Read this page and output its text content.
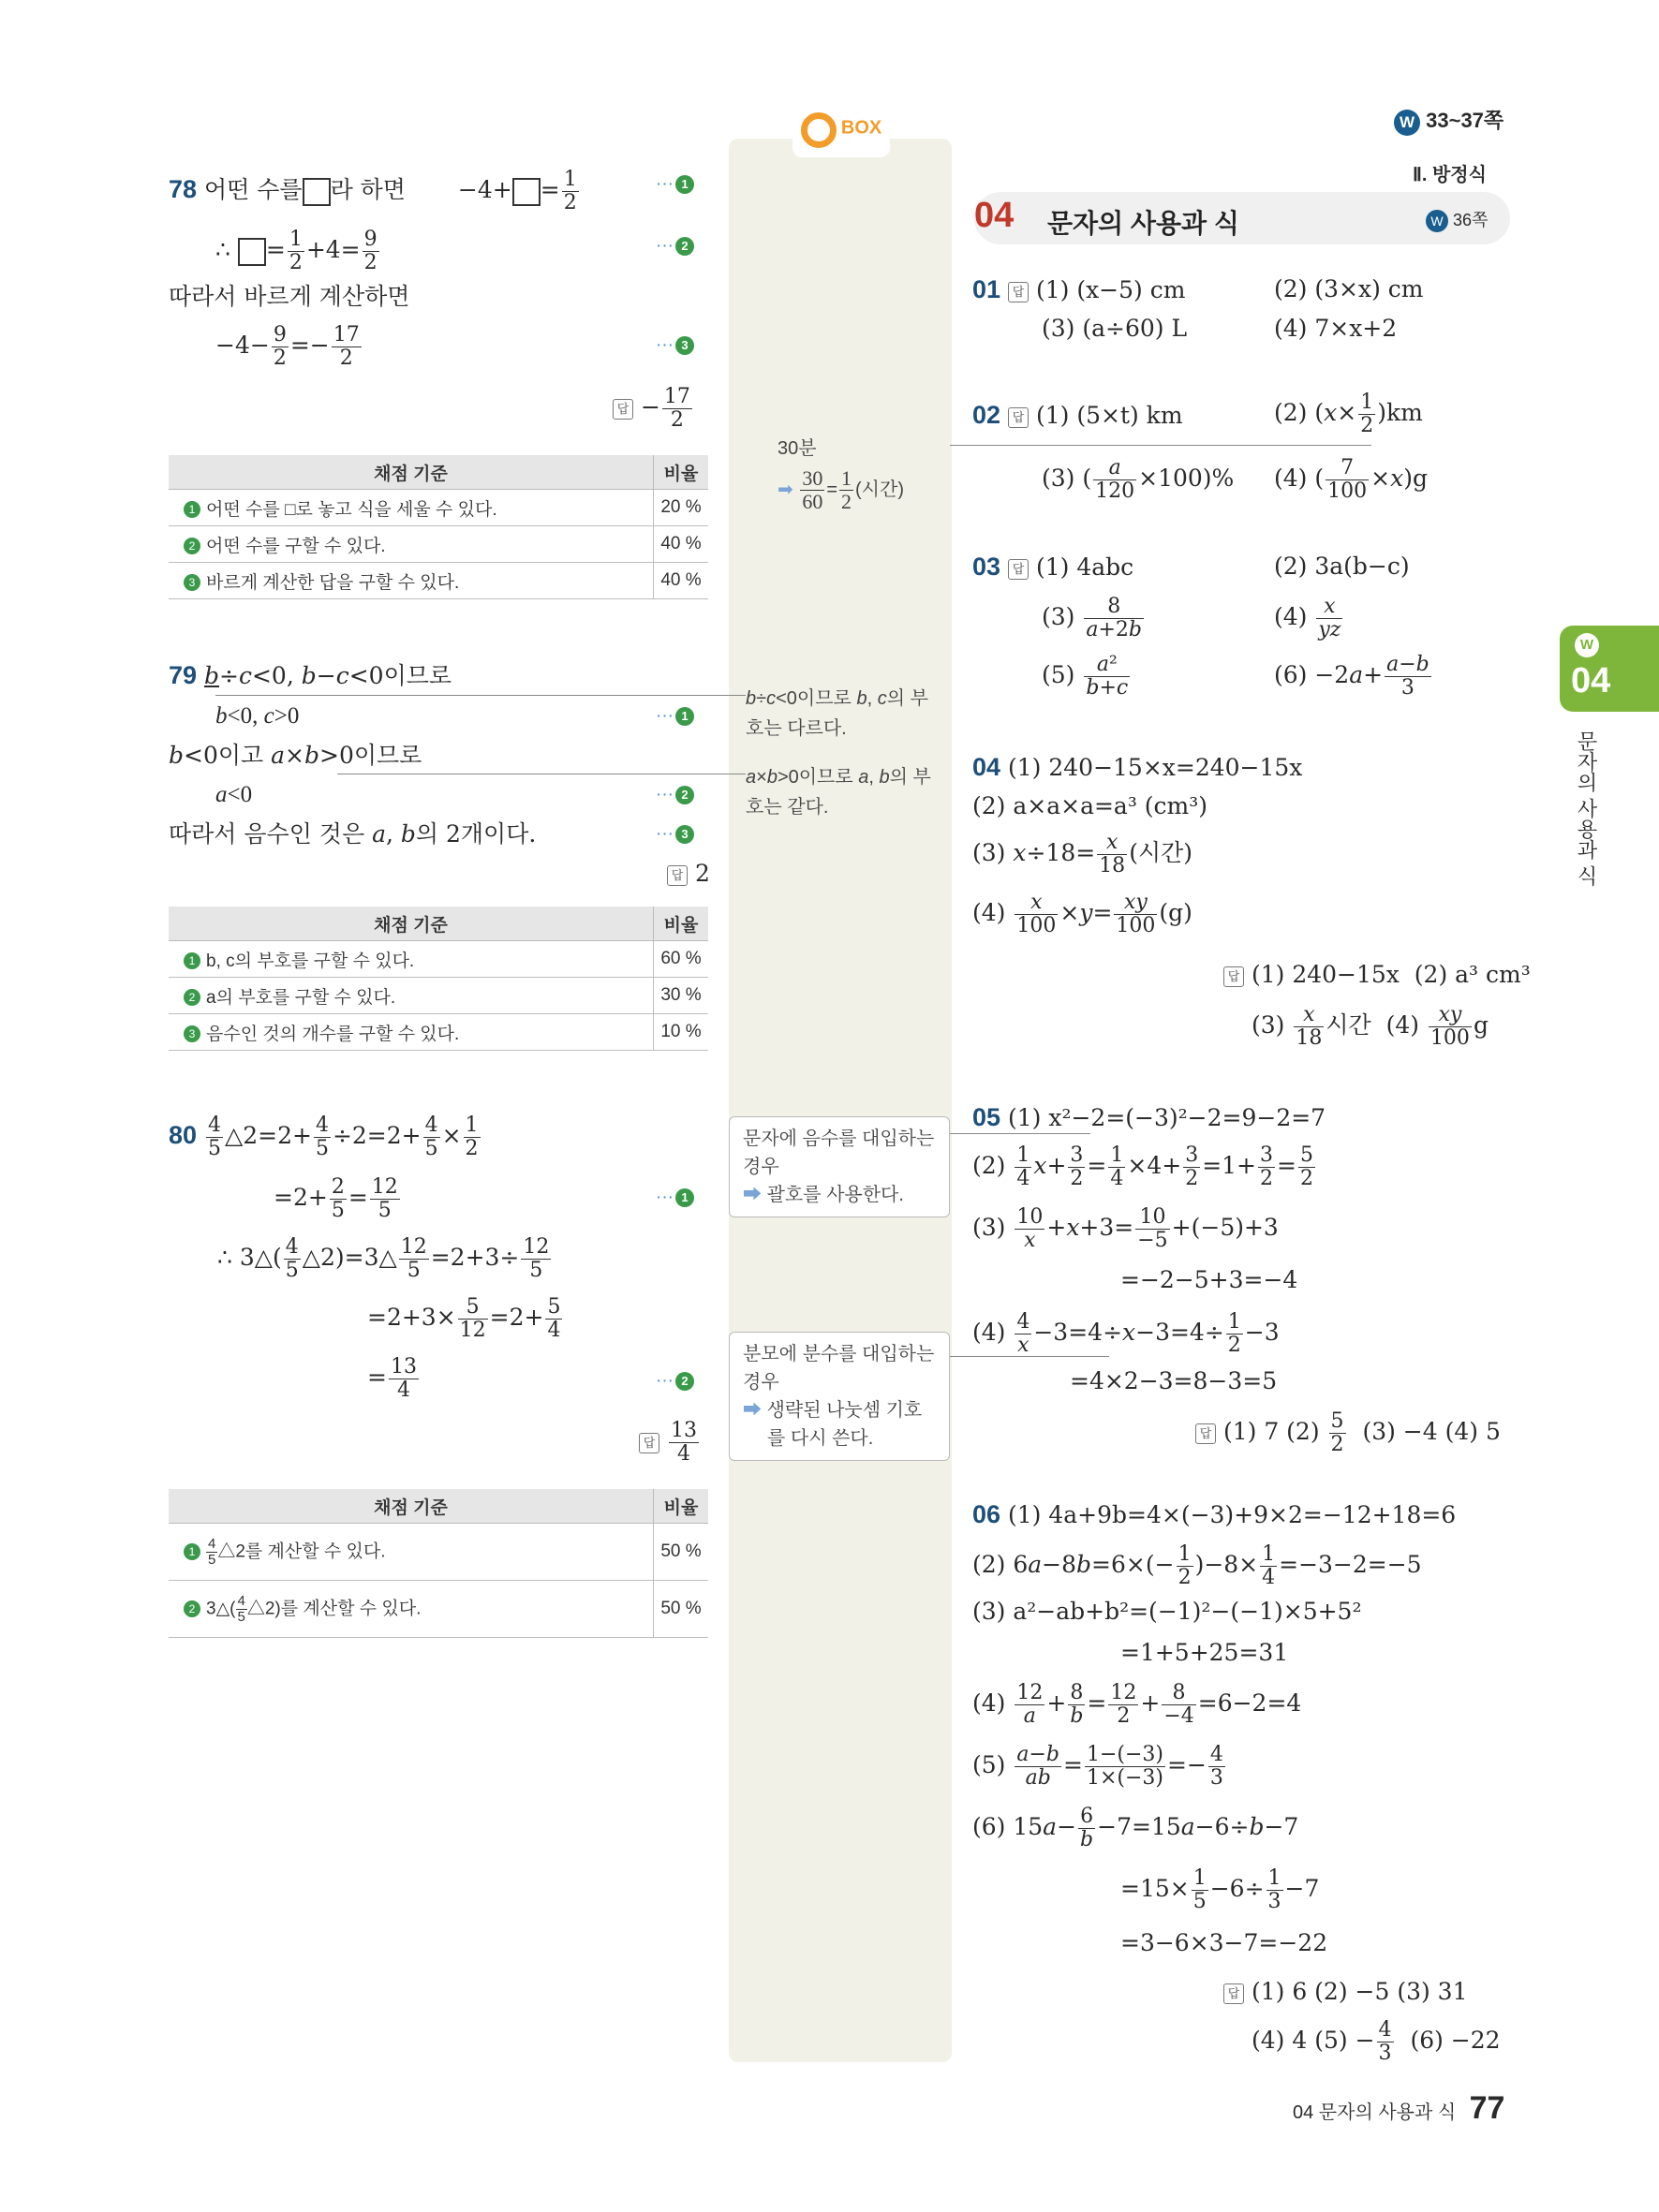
BOX	W 33~37쪽
Ⅱ. 방정식
04 문자의 사용과 식	W 36쪽
W
04
문자의 사용과 식
78 어떤 수를 라 하면 $-4+ = \frac{1}{2}$	··· 1
∴ = $\frac{1}{2} +4= \frac{9}{2}$	··· 2
따라서 바르게 계산하면
$-4- \frac{9}{2} =- \frac{17}{2}$	··· 3
답 − $\frac{17}{2}$
채점 기준	비율
1 어떤 수를 □로 놓고 식을 세울 수 있다.	20 %
2 어떤 수를 구할 수 있다.	40 %
3 바르게 계산한 답을 구할 수 있다.	40 %
79 b÷c<0, b−c<0이므로
b<0, c>0	··· 1
b<0이고 a×b>0이므로
a<0	··· 2
따라서 음수인 것은 a, b의 2개이다.	··· 3
답 2
채점 기준	비율
1 b, c의 부호를 구할 수 있다.	60 %
2 a의 부호를 구할 수 있다.	30 %
3 음수인 것의 개수를 구할 수 있다.	10 %
$80 \frac{4}{5}$ △2=2+ $\frac{4}{5} \div 2=2+ \frac{4}{5} \times \frac{1}{2}$
$=2+ \frac{2}{5} = \frac{12}{5}$	··· 1
∴ 3△( $\frac{4}{5}$ △2)=3△ $\frac{12}{5} =2+3\div \frac{12}{5}$
$=2+3\times \frac{5}{12} =2+ \frac{5}{4}$
= $\frac{13}{4}$	··· 2
답 $\frac{13}{4}$
채점 기준	비율
$1 \frac{4}{5}$ △2를 계산할 수 있다.	50 %
2 3△( $\frac{4}{5}$ △2)를 계산할 수 있다.	50 %
30분
➡ $\frac{30}{60} = \frac{1}{2}$ (시간)
b÷c<0이므로 b, c의 부호는 다르다.
a×b>0이므로 a, b의 부호는 같다.
문자에 음수를 대입하는 경우
➡ 괄호를 사용한다.
분모에 분수를 대입하는 경우
➡ 생략된 나눗셈 기호를 다시 쓴다.
01 답 (1) (x−5) cm	(2) (3×x) cm
(3) (a÷60) L	(4) 7×x+2
02 답 (1) (5×t) km	(2) $(x\times \frac{1}{2} )km$
(3) ( $\frac{a}{120} \times 100)\%$ (4) ( $\frac{7}{100} \times x)g$
03 답 (1) 4abc	(2) 3a(b−c)
$(3) \frac{8}{a+2b}$	$(4) \frac{x}{yz}$
$(5) \frac{\text{a²}}{b+c}$	$(6) -2a+ \frac{a-b}{3}$
04 (1) 240−15×x=240−15x
(2) a×a×a=a³ (cm³)
(3) $x\div 18= \frac{x}{18}$ (시간)
$(4) \frac{x}{100} \times y= \frac{xy}{100} (g)$
답 (1) 240−15x (2) a³ cm³
$(3) \frac{x}{18}$ 시간  $(4) \frac{xy}{100}$ g
05 (1) x²−2=(−3)²−2=9−2=7
$(2) \frac{1}{4} x+ \frac{3}{2} = \frac{1}{4} \times 4+ \frac{3}{2} =1+ \frac{3}{2} = \frac{5}{2}$
$(3) \frac{10}{x} +x+3= \frac{10}{-5} +(-5)+3$
=−2−5+3=−4
$(4) \frac{4}{x} -3=4\div x-3=4\div \frac{1}{2} -3$
=4×2−3=8−3=5
답 (1) 7 $(2) \frac{5}{2} (3) -4$ (4) 5
06 (1) 4a+9b=4×(−3)+9×2=−12+18=6
(2) $6a-8b=6\times(- \frac{1}{2} )-8\times \frac{1}{4} =-3-2=-5$
(3) a²−ab+b²=(−1)²−(−1)×5+5²
=1+5+25=31
$(4) \frac{12}{a} + \frac{8}{b} = \frac{12}{2} + \frac{8}{-4} =6-2=4$
$(5) \frac{a-b}{ab} = \frac{1-(-3)}{1\times(-3)} =- \frac{4}{3}$
(6) $15a- \frac{6}{b} -7=15a-6\div b-7$
$=15\times \frac{1}{5} -6\div \frac{1}{3} -7$
=3−6×3−7=−22
답 (1) 6 (2) −5 (3) 31
(4) 4 $(5) - \frac{4}{3} (6) -22$
04 문자의 사용과 식 77
